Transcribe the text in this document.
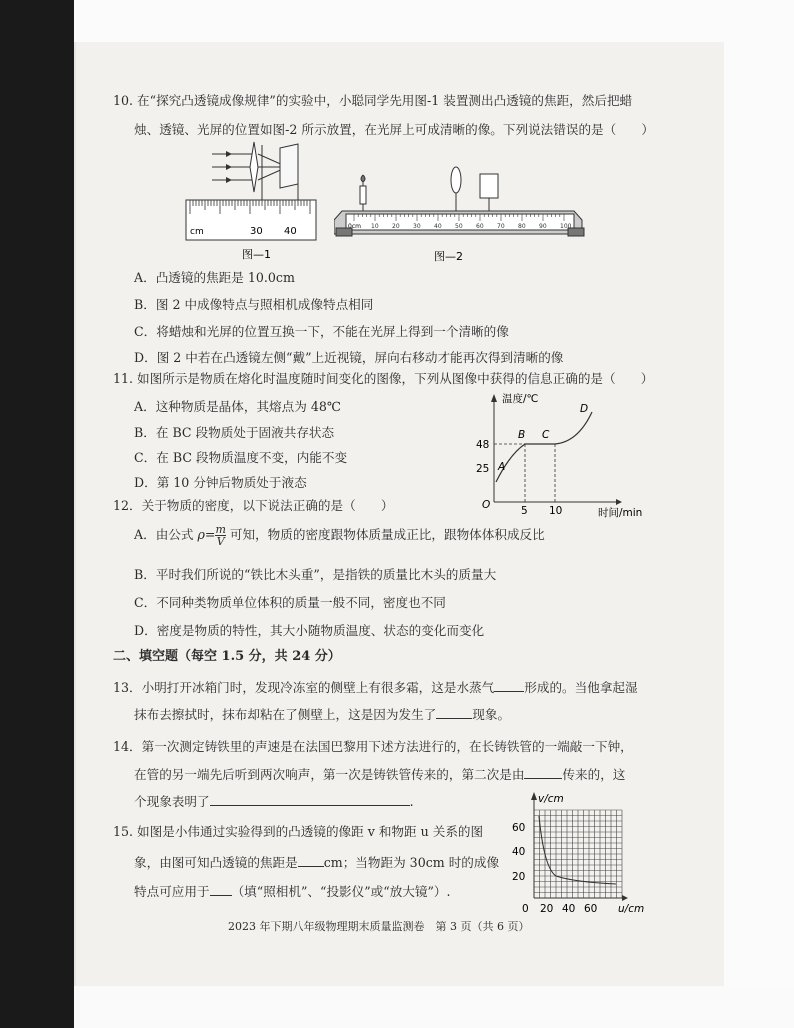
10. 在“探究凸透镜成像规律”的实验中，小聪同学先用图-1 装置测出凸透镜的焦距，然后把蜡
烛、透镜、光屏的位置如图-2 所示放置，在光屏上可成清晰的像。下列说法错误的是（　　）
cm	30 40
图—1
0cm 10 20 30 40 50 60 70 80 90 100
图—2
A．凸透镜的焦距是 10.0cm
B．图 2 中成像特点与照相机成像特点相同
C．将蜡烛和光屏的位置互换一下，不能在光屏上得到一个清晰的像
D．图 2 中若在凸透镜左侧“戴”上近视镜，屏向右移动才能再次得到清晰的像
11. 如图所示是物质在熔化时温度随时间变化的图像，下列从图像中获得的信息正确的是（　　）
A．这种物质是晶体，其熔点为 48℃
B．在 BC 段物质处于固液共存状态
C．在 BC 段物质温度不变，内能不变
D．第 10 分钟后物质处于液态
温度/℃
时间/min
O
48
25
5 10
A
B C
D
12．关于物质的密度，以下说法正确的是（　　）
A．由公式 $\rho= \frac{m}{V}$ 可知，物质的密度跟物体质量成正比，跟物体体积成反比
B．平时我们所说的“铁比木头重”，是指铁的质量比木头的质量大
C．不同种类物质单位体积的质量一般不同，密度也不同
D．密度是物质的特性，其大小随物质温度、状态的变化而变化
二、填空题（每空 1.5 分，共 24 分）
13．小明打开冰箱门时，发现冷冻室的侧壁上有很多霜，这是水蒸气 形成的。当他拿起湿
抹布去擦拭时，抹布却粘在了侧壁上，这是因为发生了	现象。
14．第一次测定铸铁里的声速是在法国巴黎用下述方法进行的，在长铸铁管的一端敲一下钟，
在管的另一端先后听到两次响声，第一次是铸铁管传来的，第二次是由	传来的，这
个现象表明了	.
15. 如图是小伟通过实验得到的凸透镜的像距 v 和物距 u 关系的图
象，由图可知凸透镜的焦距是 cm；当物距为 30cm 时的成像
特点可应用于 （填“照相机”、“投影仪”或“放大镜”）.
v/cm
u/cm
0
60
40
20
20 40 60
2023 年下期八年级物理期末质量监测卷　第 3 页（共 6 页）
